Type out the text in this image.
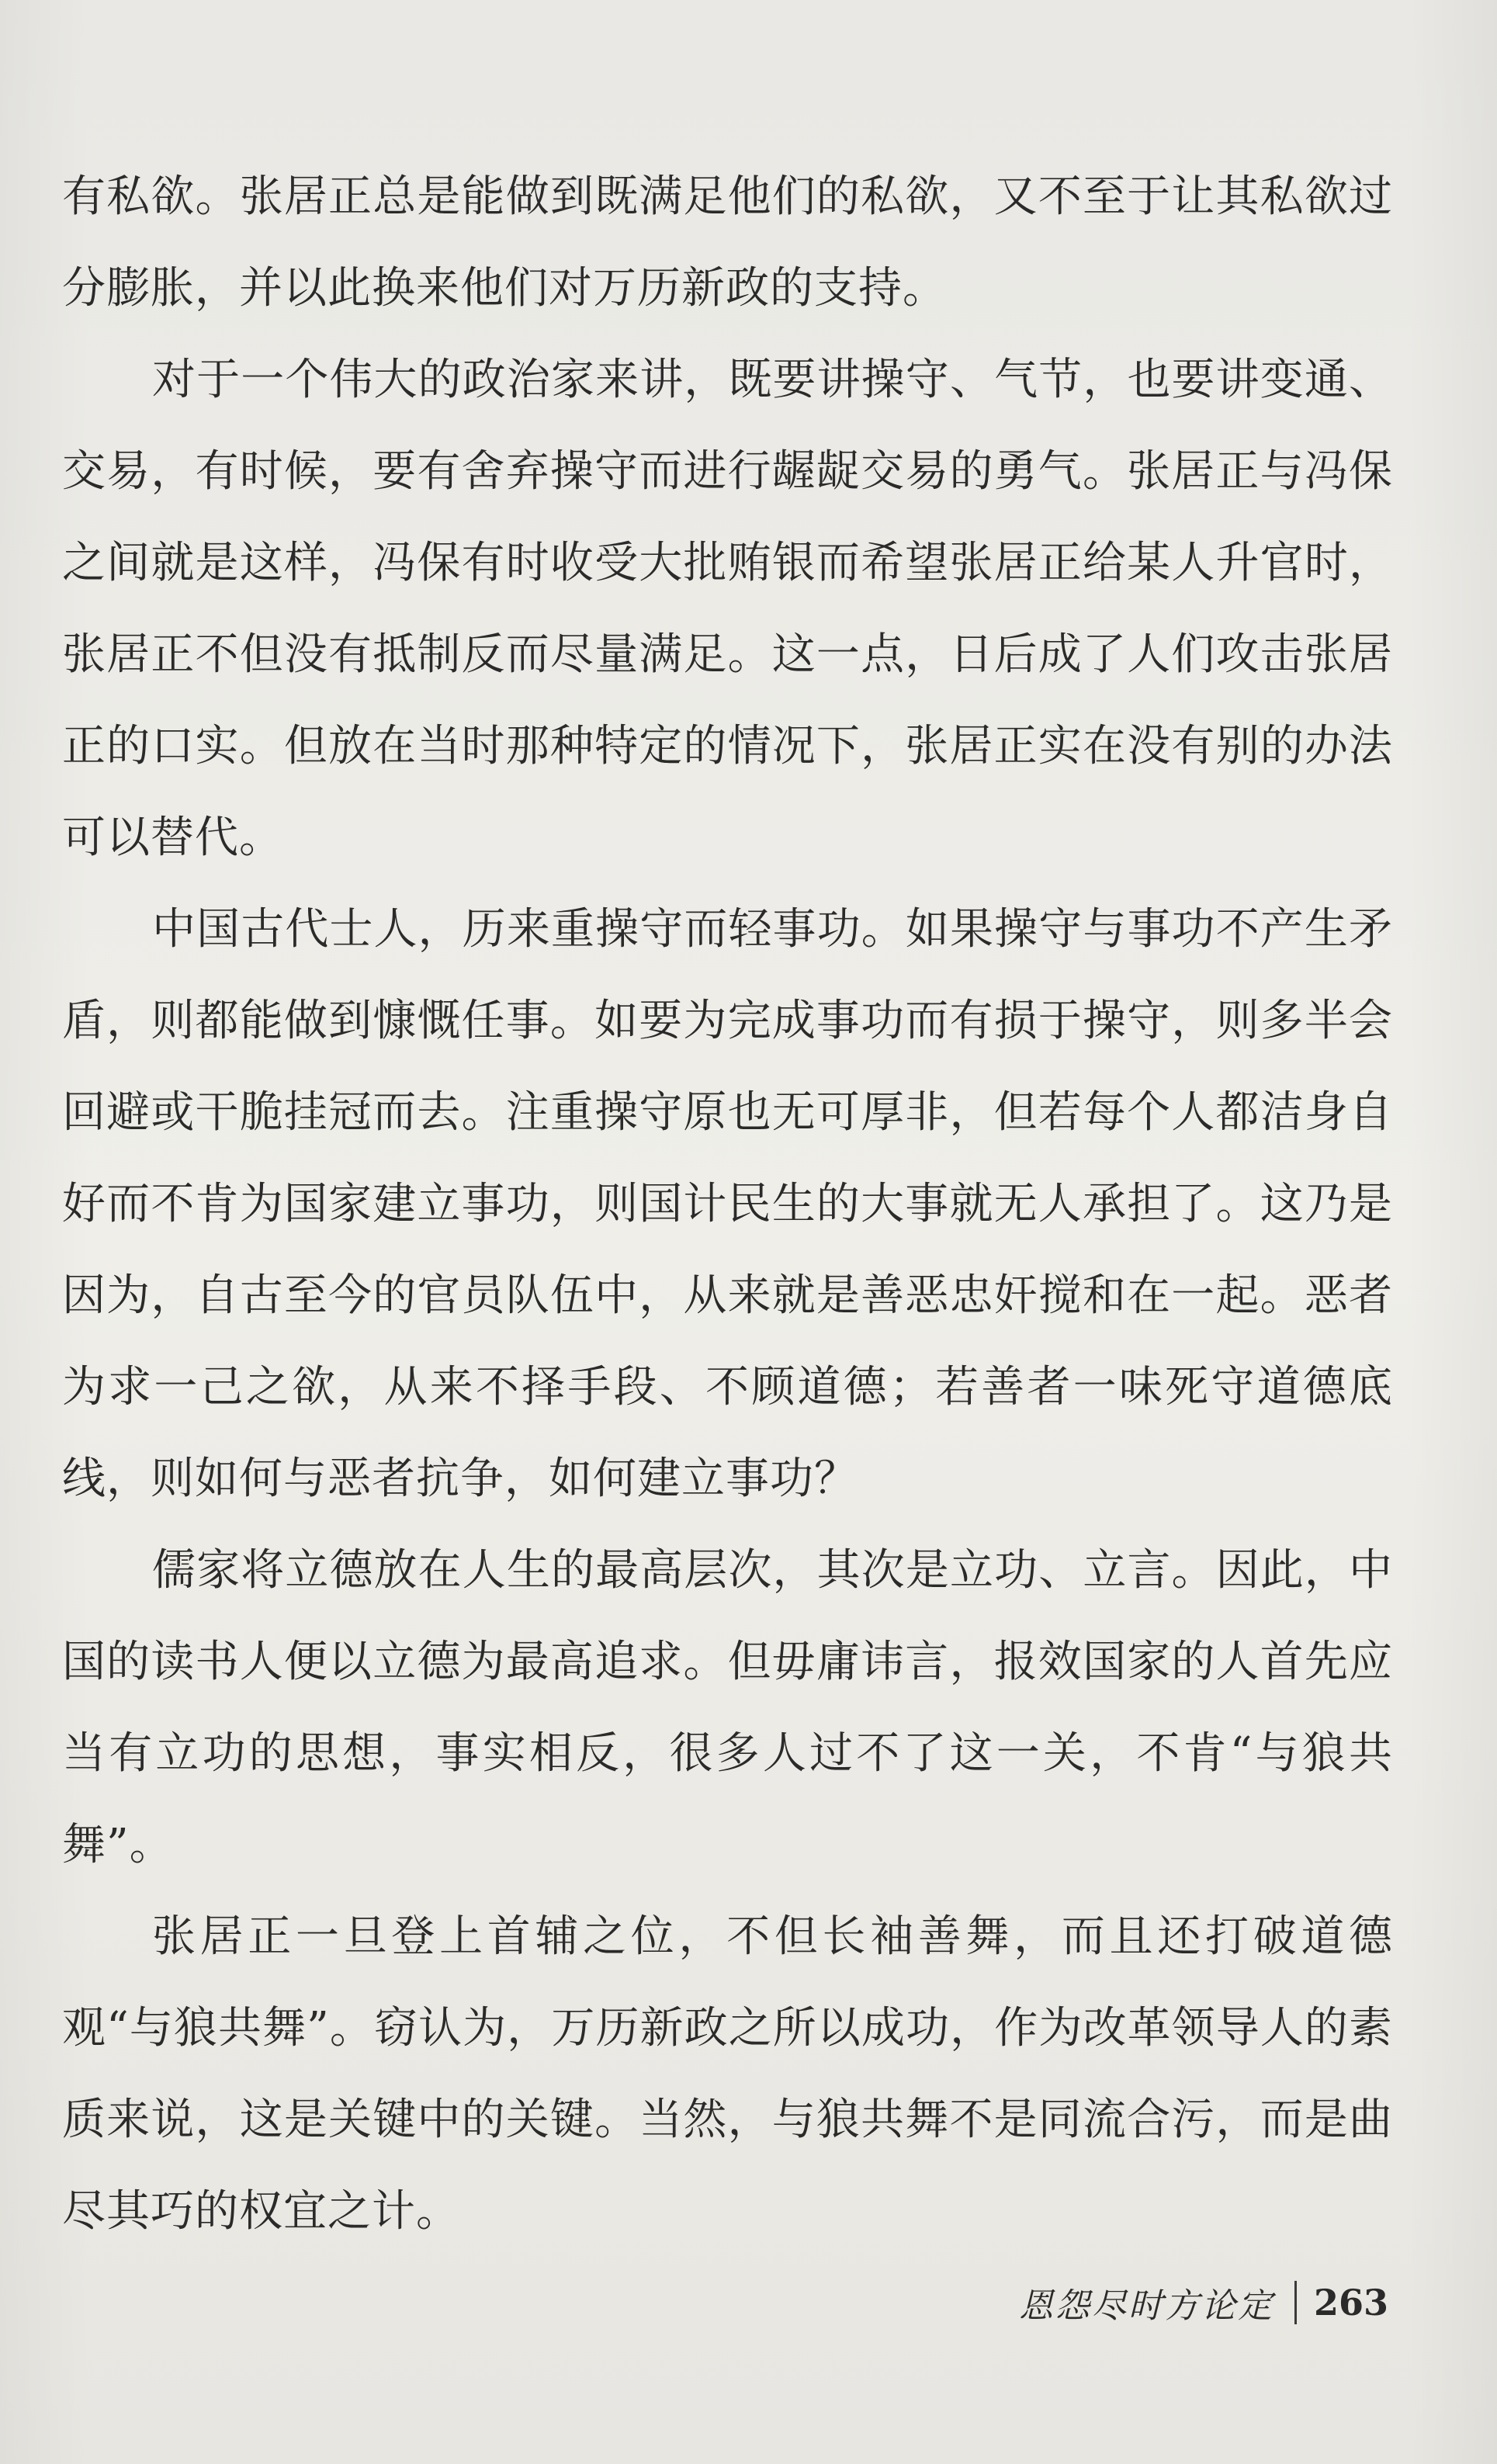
有私欲。张居正总是能做到既满足他们的私欲，又不至于让其私欲过分膨胀，并以此换来他们对万历新政的支持。

对于一个伟大的政治家来讲，既要讲操守、气节，也要讲变通、交易，有时候，要有舍弃操守而进行龌龊交易的勇气。张居正与冯保之间就是这样，冯保有时收受大批贿银而希望张居正给某人升官时，张居正不但没有抵制反而尽量满足。这一点，日后成了人们攻击张居正的口实。但放在当时那种特定的情况下，张居正实在没有别的办法可以替代。

中国古代士人，历来重操守而轻事功。如果操守与事功不产生矛盾，则都能做到慷慨任事。如要为完成事功而有损于操守，则多半会回避或干脆挂冠而去。注重操守原也无可厚非，但若每个人都洁身自好而不肯为国家建立事功，则国计民生的大事就无人承担了。这乃是因为，自古至今的官员队伍中，从来就是善恶忠奸搅和在一起。恶者为求一己之欲，从来不择手段、不顾道德；若善者一味死守道德底线，则如何与恶者抗争，如何建立事功？

儒家将立德放在人生的最高层次，其次是立功、立言。因此，中国的读书人便以立德为最高追求。但毋庸讳言，报效国家的人首先应当有立功的思想，事实相反，很多人过不了这一关，不肯“与狼共舞”。

张居正一旦登上首辅之位，不但长袖善舞，而且还打破道德观“与狼共舞”。窃认为，万历新政之所以成功，作为改革领导人的素质来说，这是关键中的关键。当然，与狼共舞不是同流合污，而是曲尽其巧的权宜之计。

恩怨尽时方论定 263
